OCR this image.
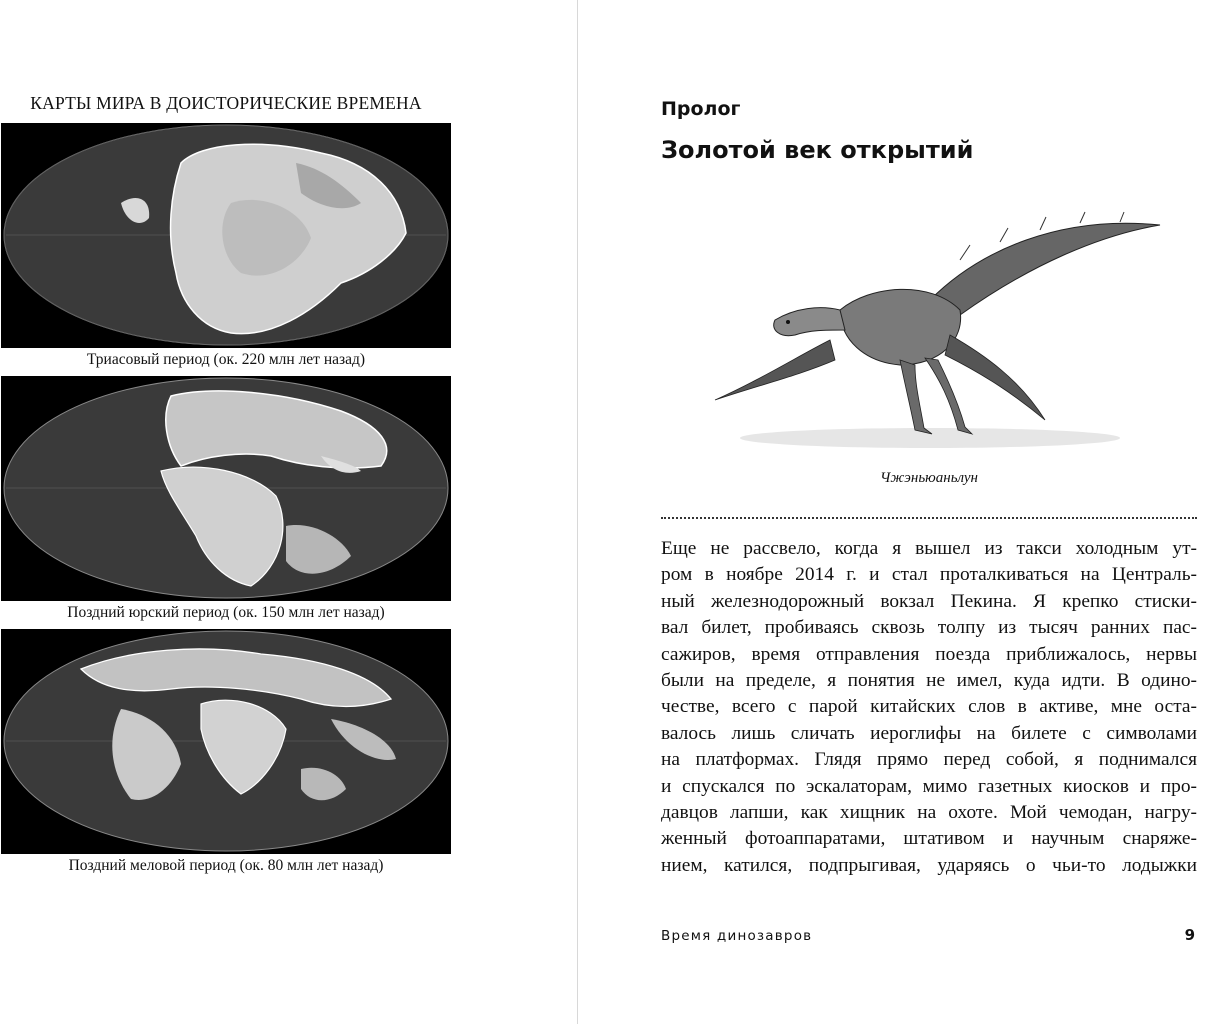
КАРТЫ МИРА В ДОИСТОРИЧЕСКИЕ ВРЕМЕНА
Триасовый период (ок. 220 млн лет назад)
Поздний юрский период (ок. 150 млн лет назад)
Поздний меловой период (ок. 80 млн лет назад)
Пролог
Золотой век открытий
Чжэньюаньлун
Еще не рассвело, когда я вышел из такси холодным ут-
ром в ноябре 2014 г. и стал проталкиваться на Централь-
ный железнодорожный вокзал Пекина. Я крепко стиски-
вал билет, пробиваясь сквозь толпу из тысяч ранних пас-
сажиров, время отправления поезда приближалось, нервы
были на пределе, я понятия не имел, куда идти. В одино-
честве, всего с парой китайских слов в активе, мне оста-
валось лишь сличать иероглифы на билете с символами
на платформах. Глядя прямо перед собой, я поднимался
и спускался по эскалаторам, мимо газетных киосков и про-
давцов лапши, как хищник на охоте. Мой чемодан, нагру-
женный фотоаппаратами, штативом и научным снаряже-
нием, катился, подпрыгивая, ударяясь о чьи-то лодыжки
Время динозавров	9
